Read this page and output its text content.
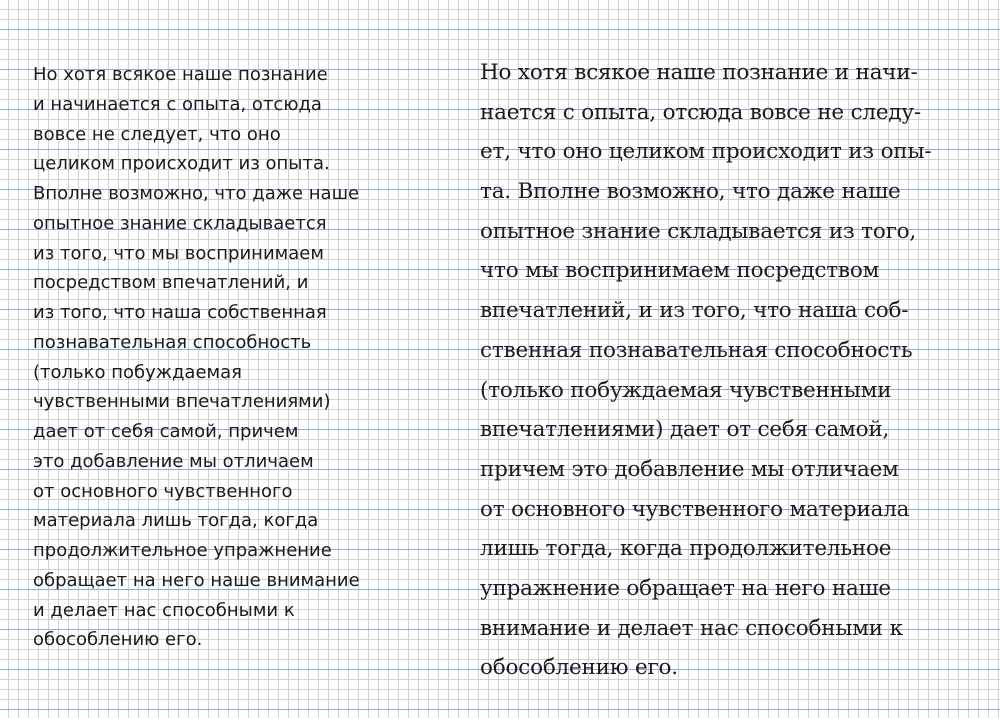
Но хотя всякое наше познание
и начинается с опыта, отсюда
вовсе не следует, что оно
целиком происходит из опыта.
Вполне возможно, что даже наше
опытное знание складывается
из того, что мы воспринимаем
посредством впечатлений, и
из того, что наша собственная
познавательная способность
(только побуждаемая
чувственными впечатлениями)
дает от себя самой, причем
это добавление мы отличаем
от основного чувственного
материала лишь тогда, когда
продолжительное упражнение
обращает на него наше внимание
и делает нас способными к
обособлению его.
Но хотя всякое наше познание и начи-
нается с опыта, отсюда вовсе не следу-
ет, что оно целиком происходит из опы-
та. Вполне возможно, что даже наше
опытное знание складывается из того,
что мы воспринимаем посредством
впечатлений, и из того, что наша соб-
ственная познавательная способность
(только побуждаемая чувственными
впечатлениями) дает от себя самой,
причем это добавление мы отличаем
от основного чувственного материала
лишь тогда, когда продолжительное
упражнение обращает на него наше
внимание и делает нас способными к
обособлению его.
